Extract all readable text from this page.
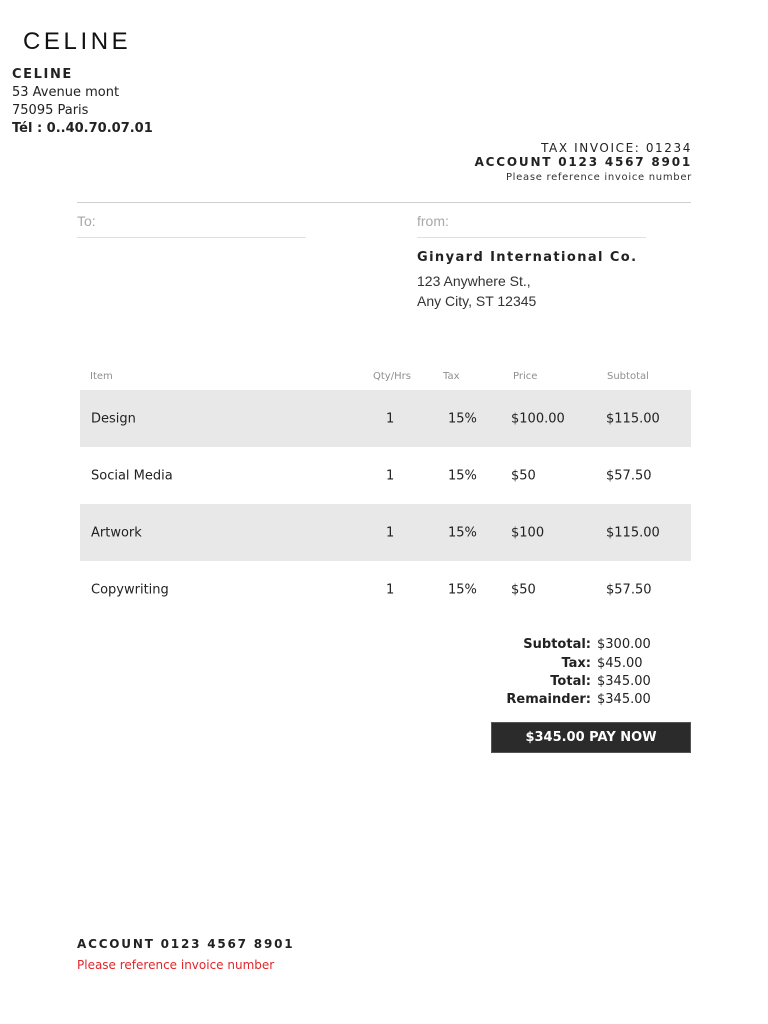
CELINE
CELINE
53 Avenue mont
75095 Paris
Tél : 0..40.70.07.01
TAX INVOICE: 01234
ACCOUNT 0123 4567 8901
Please reference invoice number
To:	from:
Ginyard International Co.
123 Anywhere St.,
Any City, ST 12345
Item	Qty/Hrs	Tax	Price	Subtotal
Design	1	15%	$100.00	$115.00
Social Media	1	15%	$50	$57.50
Artwork	1	15%	$100	$115.00
Copywriting	1	15%	$50	$57.50
Subtotal: $300.00
Tax: $45.00
Total: $345.00
Remainder: $345.00
$345.00 PAY NOW
ACCOUNT 0123 4567 8901
Please reference invoice number
